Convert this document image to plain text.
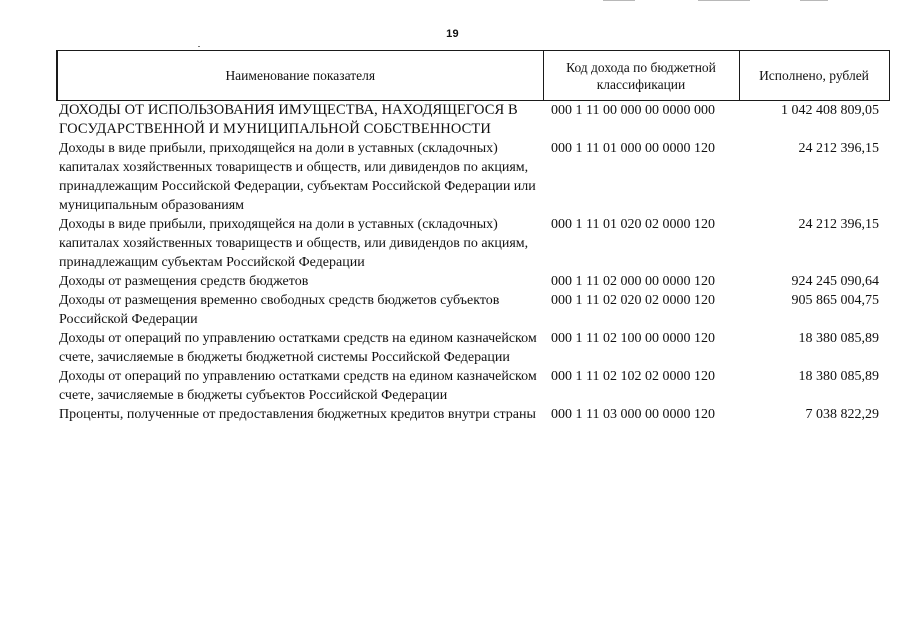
19
Наименование показателя	Код дохода по бюджетной классификации	Исполнено, рублей
ДОХОДЫ ОТ ИСПОЛЬЗОВАНИЯ ИМУЩЕСТВА, НАХОДЯЩЕГОСЯ В ГОСУДАРСТВЕННОЙ И МУНИЦИПАЛЬНОЙ СОБСТВЕННОСТИ	000 1 11 00 000 00 0000 000	1 042 408 809,05
Доходы в виде прибыли, приходящейся на доли в уставных (складочных) капиталах хозяйственных товариществ и обществ, или дивидендов по акциям, принадлежащим Российской Федерации, субъектам Российской Федерации или муниципальным образованиям	000 1 11 01 000 00 0000 120	24 212 396,15
Доходы в виде прибыли, приходящейся на доли в уставных (складочных) капиталах хозяйственных товариществ и обществ, или дивидендов по акциям, принадлежащим субъектам Российской Федерации	000 1 11 01 020 02 0000 120	24 212 396,15
Доходы от размещения средств бюджетов	000 1 11 02 000 00 0000 120	924 245 090,64
Доходы от размещения временно свободных средств бюджетов субъектов Российской Федерации	000 1 11 02 020 02 0000 120	905 865 004,75
Доходы от операций по управлению остатками средств на едином казначейском счете, зачисляемые в бюджеты бюджетной системы Российской Федерации	000 1 11 02 100 00 0000 120	18 380 085,89
Доходы от операций по управлению остатками средств на едином казначейском счете, зачисляемые в бюджеты субъектов Российской Федерации	000 1 11 02 102 02 0000 120	18 380 085,89
Проценты, полученные от предоставления бюджетных кредитов внутри страны	000 1 11 03 000 00 0000 120	7 038 822,29
